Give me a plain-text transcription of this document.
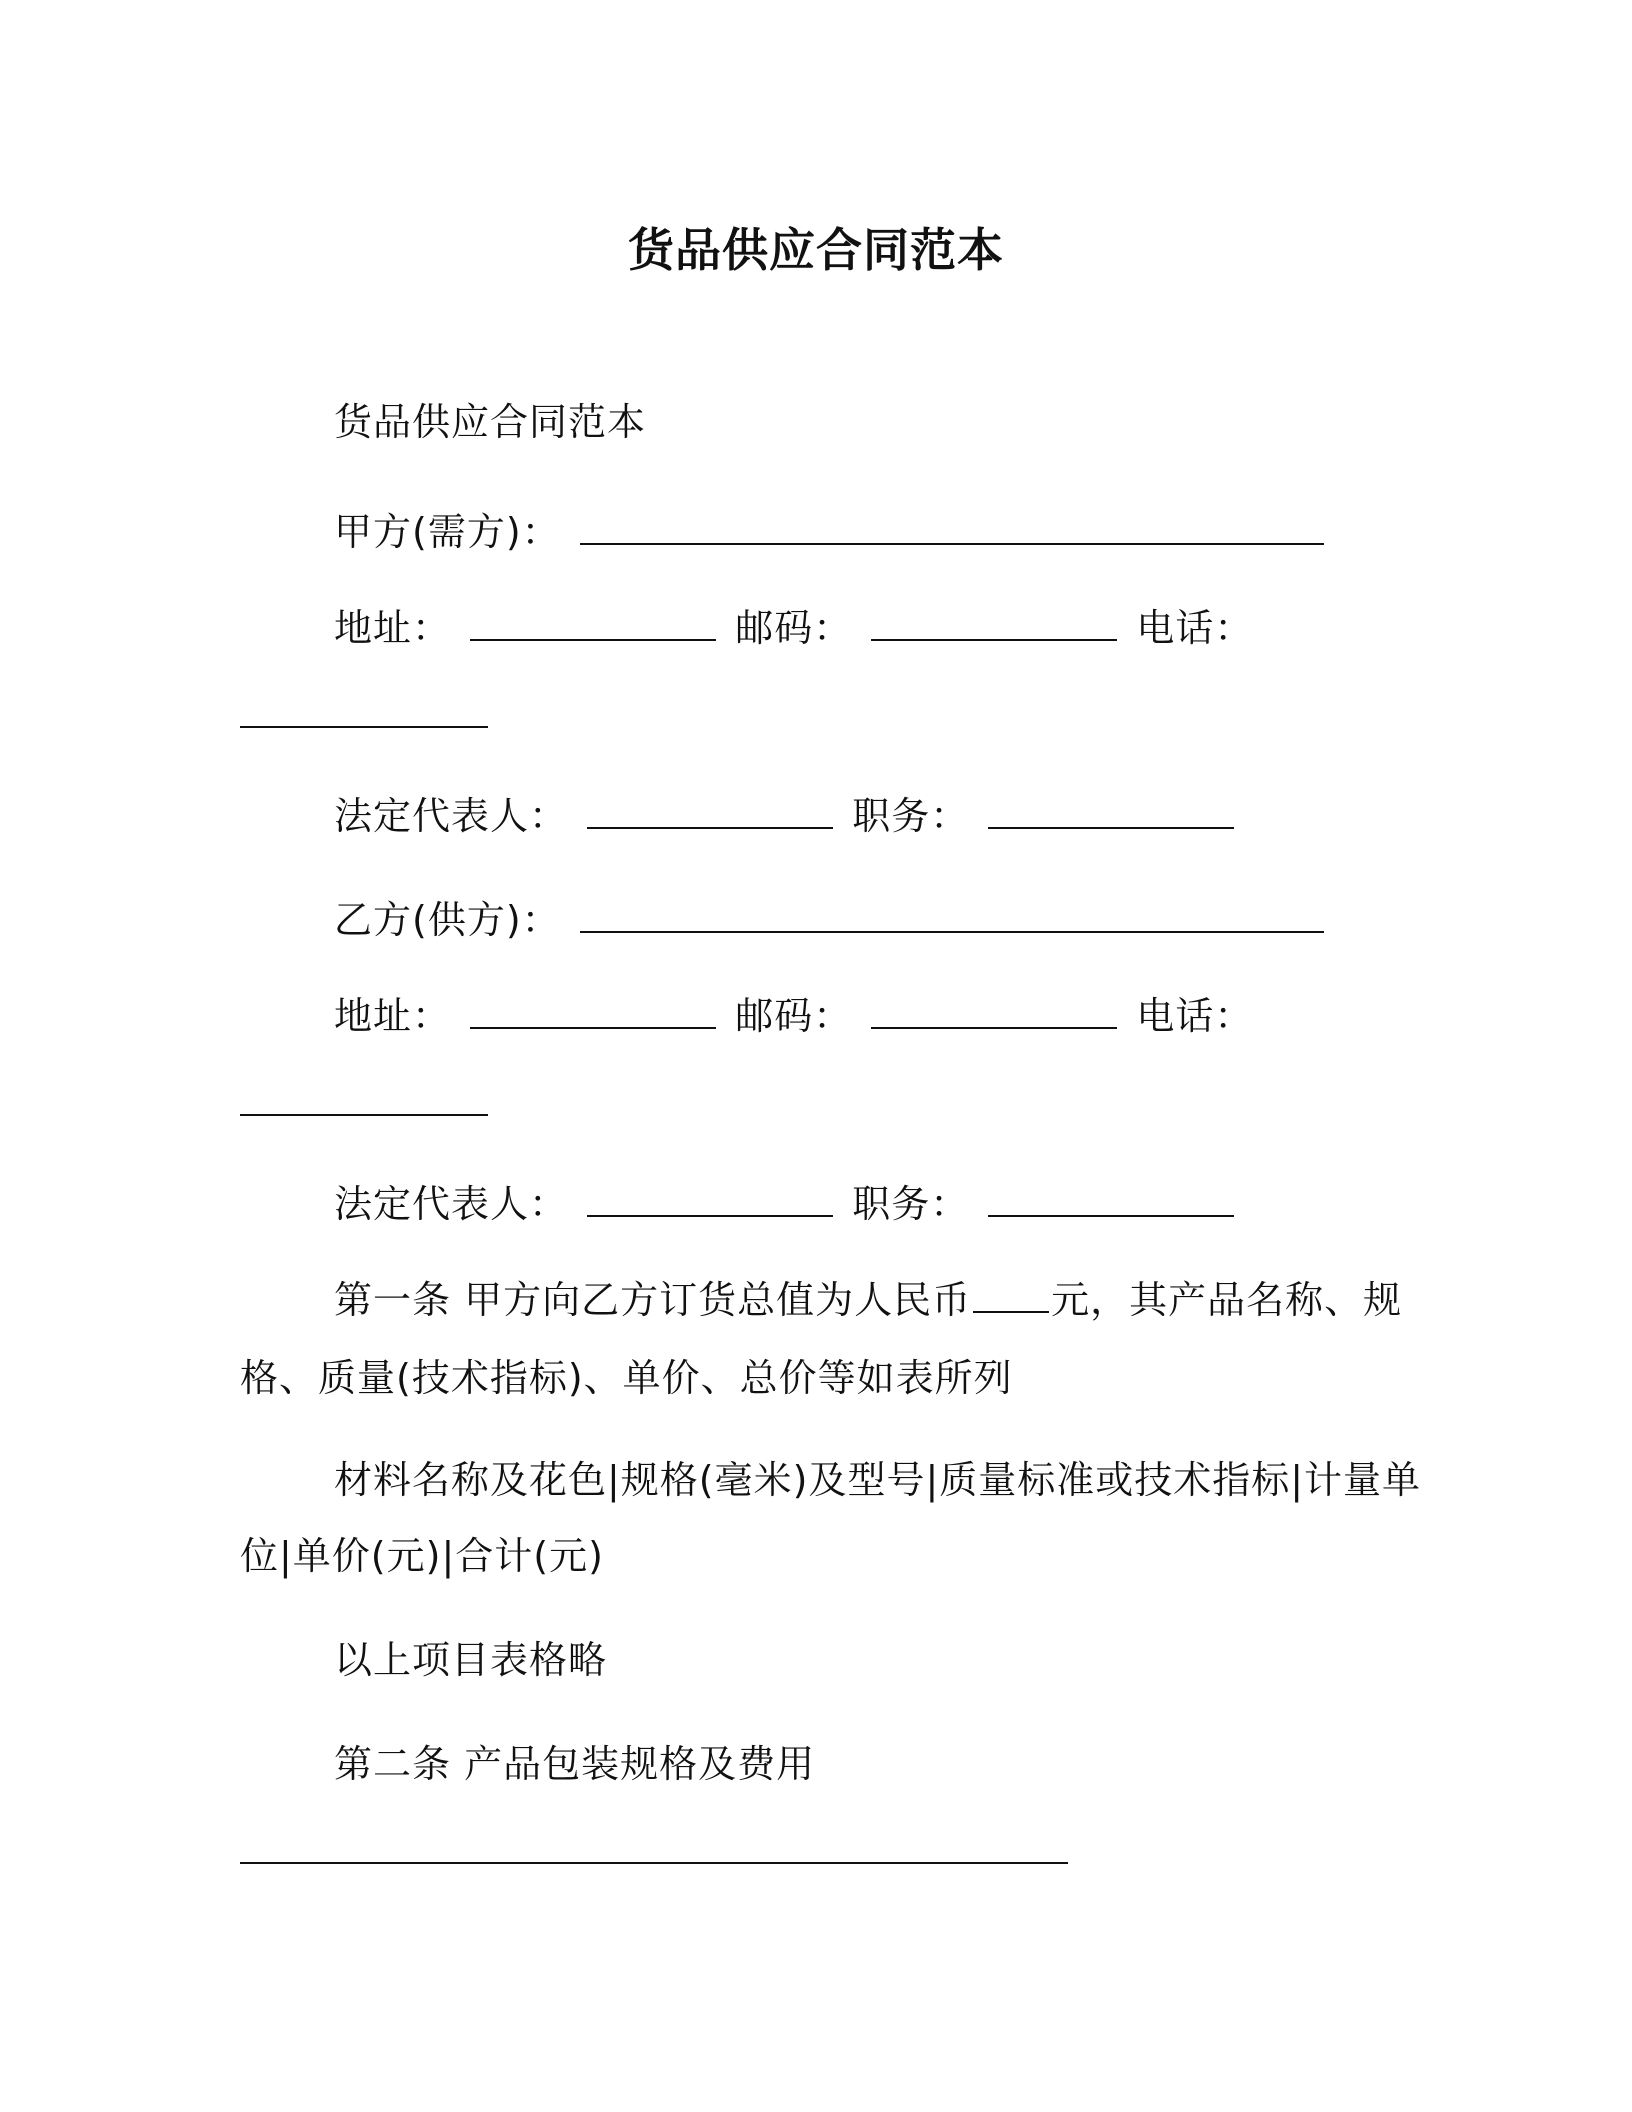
货品供应合同范本
货品供应合同范本
甲方(需方)：
地址：	邮码：	电话：
法定代表人：	职务：
乙方(供方)：
地址：	邮码：	电话：
法定代表人：	职务：
第一条 甲方向乙方订货总值为人民币 元，其产品名称、规
格、质量(技术指标)、单价、总价等如表所列
材料名称及花色|规格(毫米)及型号|质量标准或技术指标|计量单
位|单价(元)|合计(元)
以上项目表格略
第二条 产品包装规格及费用
